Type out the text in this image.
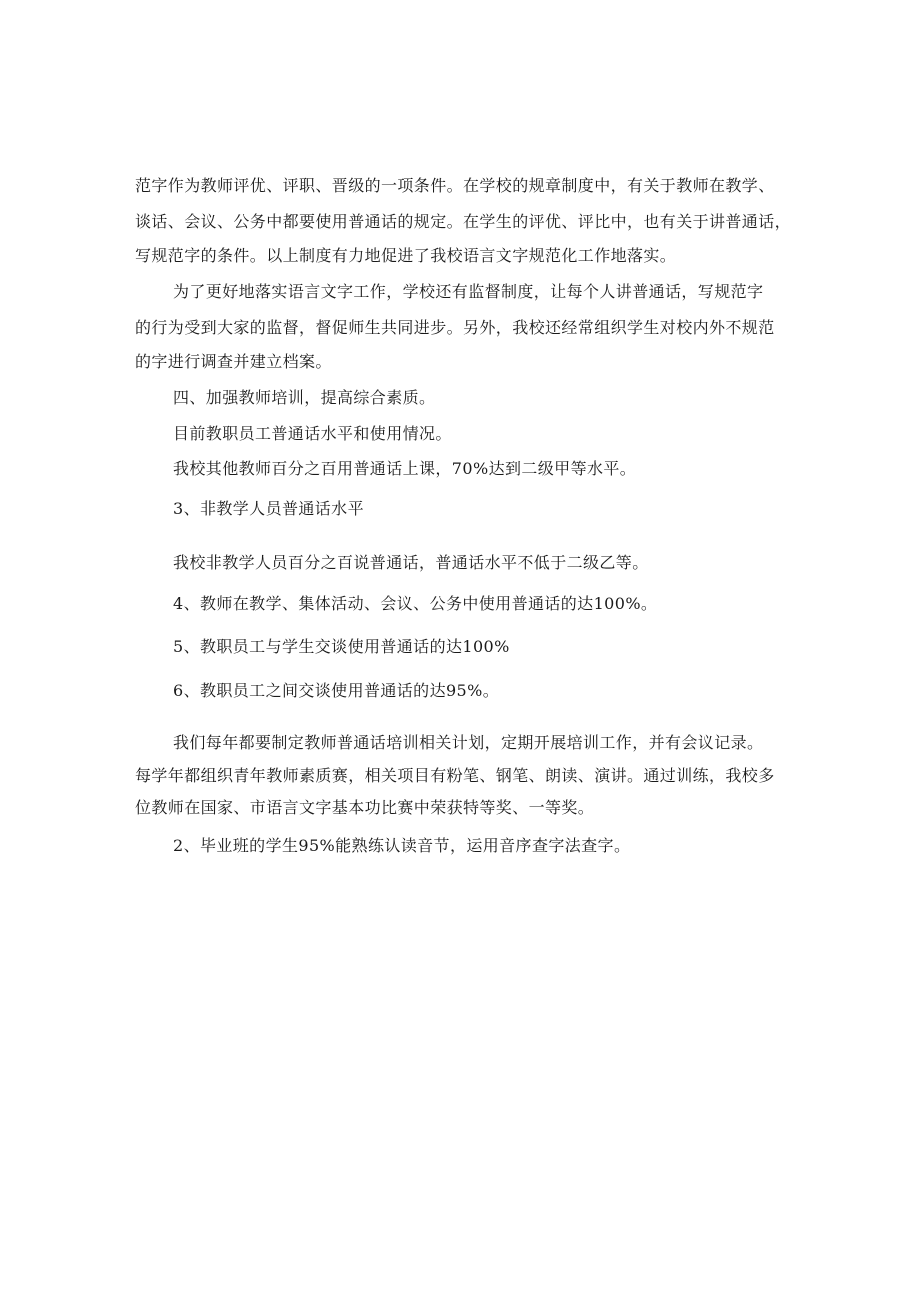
范字作为教师评优、评职、晋级的一项条件。在学校的规章制度中，有关于教师在教学、
谈话、会议、公务中都要使用普通话的规定。在学生的评优、评比中，也有关于讲普通话，
写规范字的条件。以上制度有力地促进了我校语言文字规范化工作地落实。
为了更好地落实语言文字工作，学校还有监督制度，让每个人讲普通话，写规范字
的行为受到大家的监督，督促师生共同进步。另外，我校还经常组织学生对校内外不规范
的字进行调查并建立档案。
四、加强教师培训，提高综合素质。
目前教职员工普通话水平和使用情况。
我校其他教师百分之百用普通话上课，70%达到二级甲等水平。
3、非教学人员普通话水平
我校非教学人员百分之百说普通话，普通话水平不低于二级乙等。
4、教师在教学、集体活动、会议、公务中使用普通话的达100%。
5、教职员工与学生交谈使用普通话的达100%
6、教职员工之间交谈使用普通话的达95%。
我们每年都要制定教师普通话培训相关计划，定期开展培训工作，并有会议记录。
每学年都组织青年教师素质赛，相关项目有粉笔、钢笔、朗读、演讲。通过训练，我校多
位教师在国家、市语言文字基本功比赛中荣获特等奖、一等奖。
2、毕业班的学生95%能熟练认读音节，运用音序查字法查字。
